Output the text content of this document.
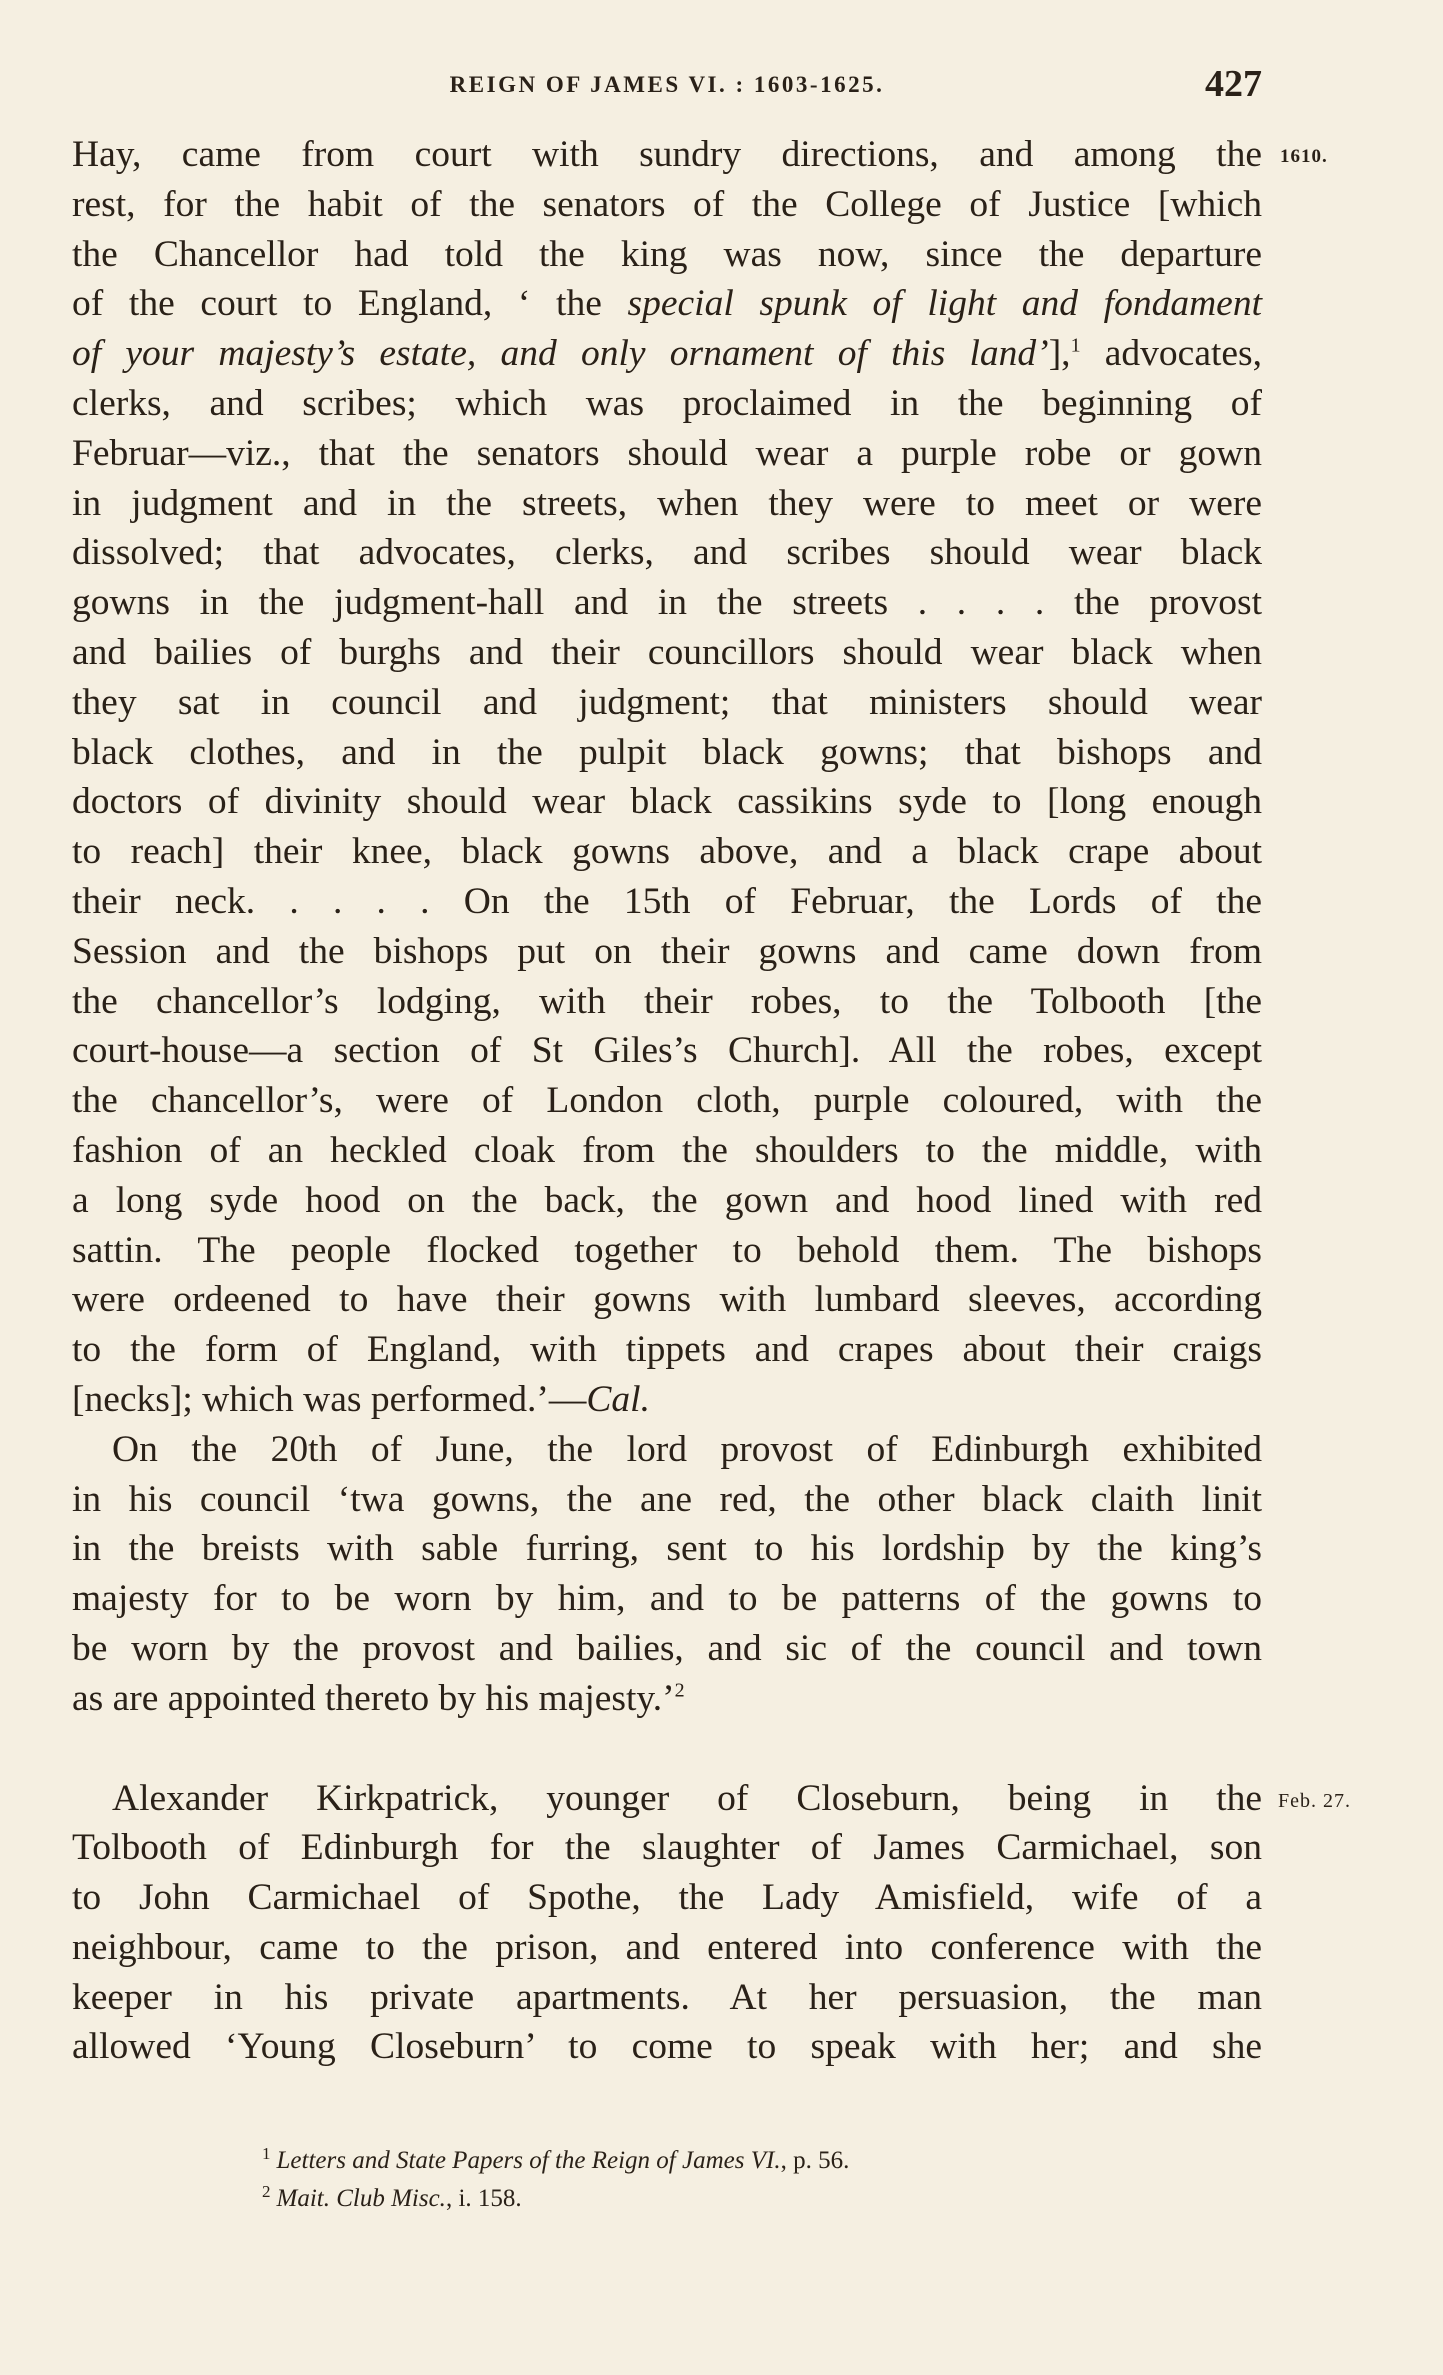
REIGN OF JAMES VI. : 1603-1625.	427
1610.
Feb. 27.

Hay, came from court with sundry directions, and among the
rest, for the habit of the senators of the College of Justice [which
the Chancellor had told the king was now, since the departure
of the court to England, ‘ the special spunk of light and fondament
of your majesty’s estate, and only ornament of this land’],$^1$ advocates,
clerks, and scribes; which was proclaimed in the beginning of
Februar—viz., that the senators should wear a purple robe or gown
in judgment and in the streets, when they were to meet or were
dissolved; that advocates, clerks, and scribes should wear black
gowns in the judgment-hall and in the streets . . . . the provost
and bailies of burghs and their councillors should wear black when
they sat in council and judgment; that ministers should wear
black clothes, and in the pulpit black gowns; that bishops and
doctors of divinity should wear black cassikins syde to [long enough
to reach] their knee, black gowns above, and a black crape about
their neck. . . . . On the 15th of Februar, the Lords of the
Session and the bishops put on their gowns and came down from
the chancellor’s lodging, with their robes, to the Tolbooth [the
court-house—a section of St Giles’s Church]. All the robes, except
the chancellor’s, were of London cloth, purple coloured, with the
fashion of an heckled cloak from the shoulders to the middle, with
a long syde hood on the back, the gown and hood lined with red
sattin. The people flocked together to behold them. The bishops
were ordeened to have their gowns with lumbard sleeves, according
to the form of England, with tippets and crapes about their craigs
[necks]; which was performed.’—Cal.

On the 20th of June, the lord provost of Edinburgh exhibited
in his council ‘twa gowns, the ane red, the other black claith linit
in the breists with sable furring, sent to his lordship by the king’s
majesty for to be worn by him, and to be patterns of the gowns to
be worn by the provost and bailies, and sic of the council and town
as are appointed thereto by his majesty.’$^2$

Alexander Kirkpatrick, younger of Closeburn, being in the
Tolbooth of Edinburgh for the slaughter of James Carmichael, son
to John Carmichael of Spothe, the Lady Amisfield, wife of a
neighbour, came to the prison, and entered into conference with the
keeper in his private apartments. At her persuasion, the man
allowed ‘Young Closeburn’ to come to speak with her; and she

$^1$ Letters and State Papers of the Reign of James VI., p. 56.
$^2$ Mait. Club Misc., i. 158.
